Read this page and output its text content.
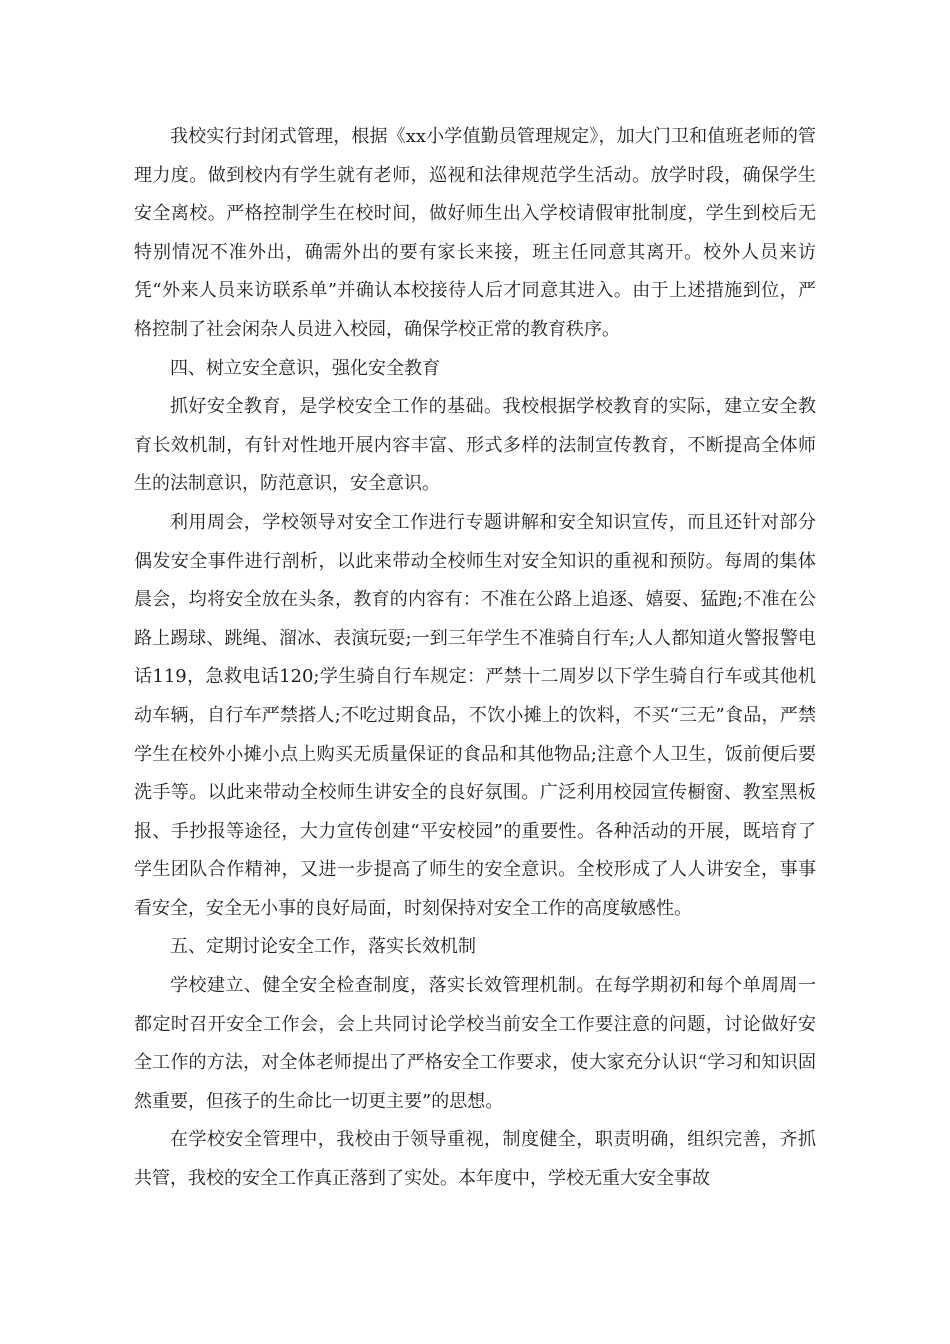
我校实行封闭式管理，根据《xx小学值勤员管理规定》，加大门卫和值班老师的管理力度。做到校内有学生就有老师，巡视和法律规范学生活动。放学时段，确保学生安全离校。严格控制学生在校时间，做好师生出入学校请假审批制度，学生到校后无特别情况不准外出，确需外出的要有家长来接，班主任同意其离开。校外人员来访凭“外来人员来访联系单”并确认本校接待人后才同意其进入。由于上述措施到位，严格控制了社会闲杂人员进入校园，确保学校正常的教育秩序。

四、树立安全意识，强化安全教育

抓好安全教育，是学校安全工作的基础。我校根据学校教育的实际，建立安全教育长效机制，有针对性地开展内容丰富、形式多样的法制宣传教育，不断提高全体师生的法制意识，防范意识，安全意识。

利用周会，学校领导对安全工作进行专题讲解和安全知识宣传，而且还针对部分偶发安全事件进行剖析，以此来带动全校师生对安全知识的重视和预防。每周的集体晨会，均将安全放在头条，教育的内容有：不准在公路上追逐、嬉耍、猛跑;不准在公路上踢球、跳绳、溜冰、表演玩耍;一到三年学生不准骑自行车;人人都知道火警报警电话119，急救电话120;学生骑自行车规定：严禁十二周岁以下学生骑自行车或其他机动车辆，自行车严禁搭人;不吃过期食品，不饮小摊上的饮料，不买“三无”食品，严禁学生在校外小摊小点上购买无质量保证的食品和其他物品;注意个人卫生，饭前便后要洗手等。以此来带动全校师生讲安全的良好氛围。广泛利用校园宣传橱窗、教室黑板报、手抄报等途径，大力宣传创建“平安校园”的重要性。各种活动的开展，既培育了学生团队合作精神，又进一步提高了师生的安全意识。全校形成了人人讲安全，事事看安全，安全无小事的良好局面，时刻保持对安全工作的高度敏感性。

五、定期讨论安全工作，落实长效机制

学校建立、健全安全检查制度，落实长效管理机制。在每学期初和每个单周周一都定时召开安全工作会，会上共同讨论学校当前安全工作要注意的问题，讨论做好安全工作的方法，对全体老师提出了严格安全工作要求，使大家充分认识“学习和知识固然重要，但孩子的生命比一切更主要”的思想。

在学校安全管理中，我校由于领导重视，制度健全，职责明确，组织完善，齐抓共管，我校的安全工作真正落到了实处。本年度中，学校无重大安全事故
